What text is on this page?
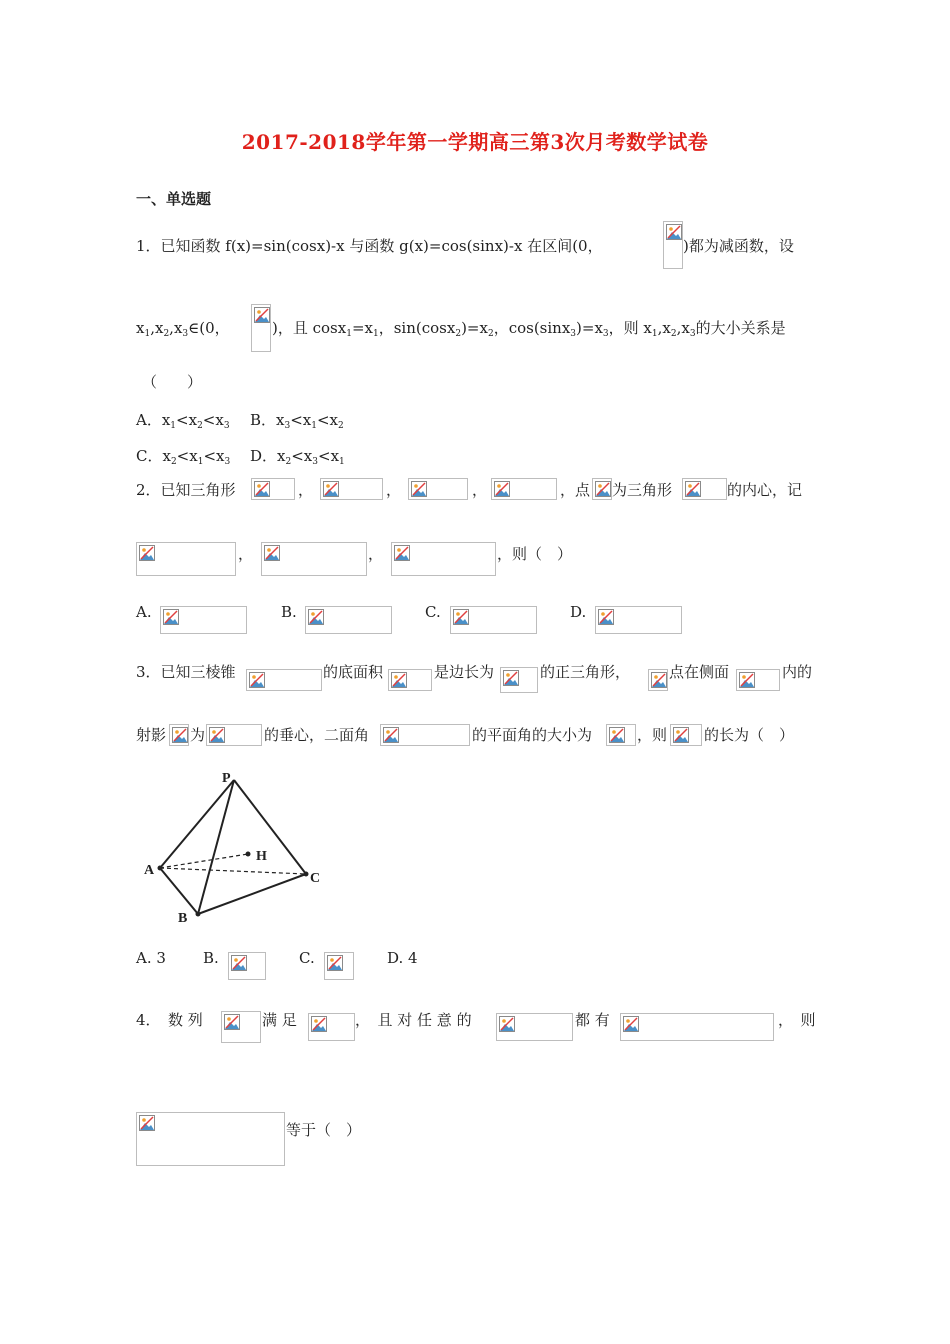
2017-2018学年第一学期高三第3次月考数学试卷
一、单选题
1．已知函数 f(x)=sin(cosx)-x 与函数 g(x)=cos(sinx)-x 在区间(0，	)都为减函数，设
$x_1,x_2,x_3\in(0$，	)，且 $\cos x_1=x_1$，$\sin(\cos x_2)=x_2$，$\cos(\sin x_3)=x_3$，则 $x_1,x_2,x_3$的大小关系是
（　　）
A．$x_1<x_2<x_3$ B．$x_3<x_1<x_2$
C．$x_2<x_1<x_3$ D．$x_2<x_3<x_1$
2．已知三角形	，	，	，	，点 为三角形	的内心，记
，	，	，则（　）
A.	B.	C.	D.
3．已知三棱锥	的底面积	是边长为	的正三角形，	点在侧面	内的
射影 为	的垂心，二面角	的平面角的大小为	，则 的长为（　）
P
H
A
C
B
A. 3 B.	C.	D. 4
4．　数 列	满 足	，　且 对 任 意 的	都 有	，　则
等于（　）
